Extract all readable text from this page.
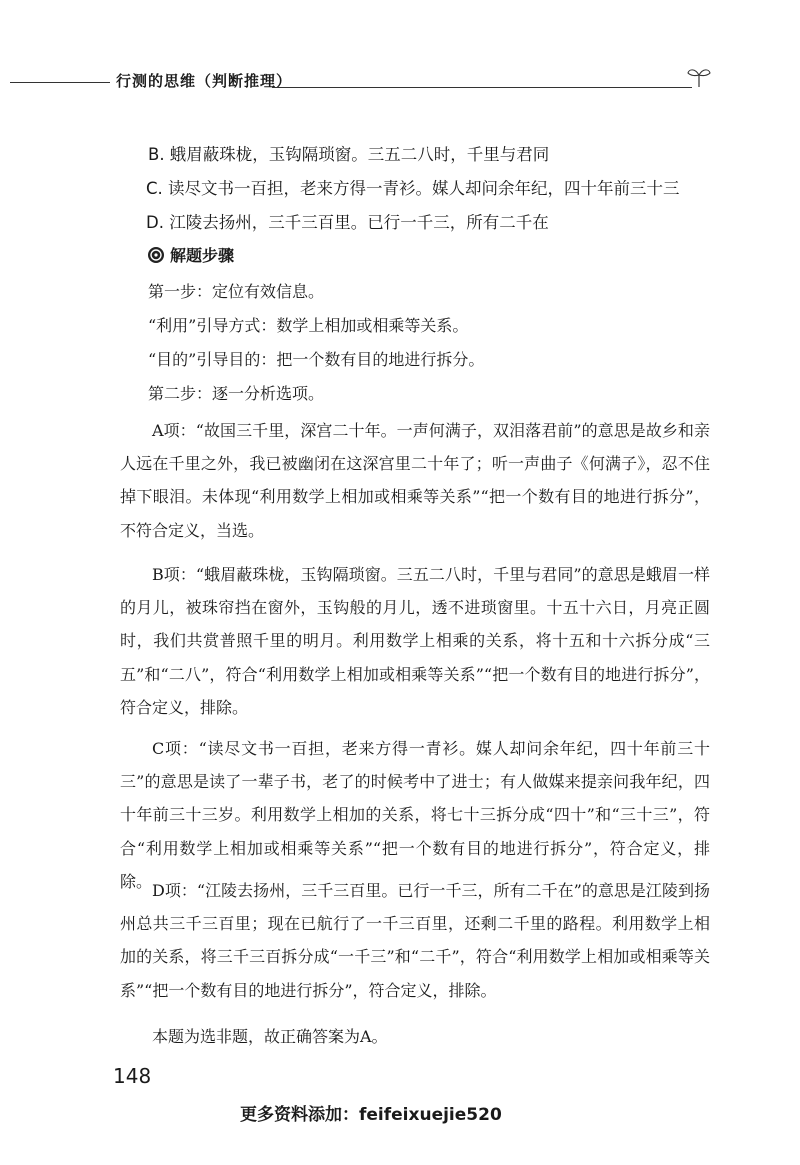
行测的思维（判断推理）
B. 蛾眉蔽珠栊，玉钩隔琐窗。三五二八时，千里与君同
C. 读尽文书一百担，老来方得一青衫。媒人却问余年纪，四十年前三十三
D. 江陵去扬州，三千三百里。已行一千三，所有二千在
解题步骤
第一步：定位有效信息。
“利用”引导方式：数学上相加或相乘等关系。
“目的”引导目的：把一个数有目的地进行拆分。
第二步：逐一分析选项。
A项：“故国三千里，深宫二十年。一声何满子，双泪落君前”的意思是故乡和亲人远在千里之外，我已被幽闭在这深宫里二十年了；听一声曲子《何满子》，忍不住掉下眼泪。未体现“利用数学上相加或相乘等关系”“把一个数有目的地进行拆分”，不符合定义，当选。
B项：“蛾眉蔽珠栊，玉钩隔琐窗。三五二八时，千里与君同”的意思是蛾眉一样的月儿，被珠帘挡在窗外，玉钩般的月儿，透不进琐窗里。十五十六日，月亮正圆时，我们共赏普照千里的明月。利用数学上相乘的关系，将十五和十六拆分成“三五”和“二八”，符合“利用数学上相加或相乘等关系”“把一个数有目的地进行拆分”，符合定义，排除。
C项：“读尽文书一百担，老来方得一青衫。媒人却问余年纪，四十年前三十三”的意思是读了一辈子书，老了的时候考中了进士；有人做媒来提亲问我年纪，四十年前三十三岁。利用数学上相加的关系，将七十三拆分成“四十”和“三十三”，符合“利用数学上相加或相乘等关系”“把一个数有目的地进行拆分”，符合定义，排除。 D项：“江陵去扬州，三千三百里。已行一千三，所有二千在”的意思是江陵到扬州总共三千三百里；现在已航行了一千三百里，还剩二千里的路程。利用数学上相加的关系，将三千三百拆分成“一千三”和“二千”，符合“利用数学上相加或相乘等关系”“把一个数有目的地进行拆分”，符合定义，排除。
本题为选非题，故正确答案为A。
148
更多资料添加：feifeixuejie520
